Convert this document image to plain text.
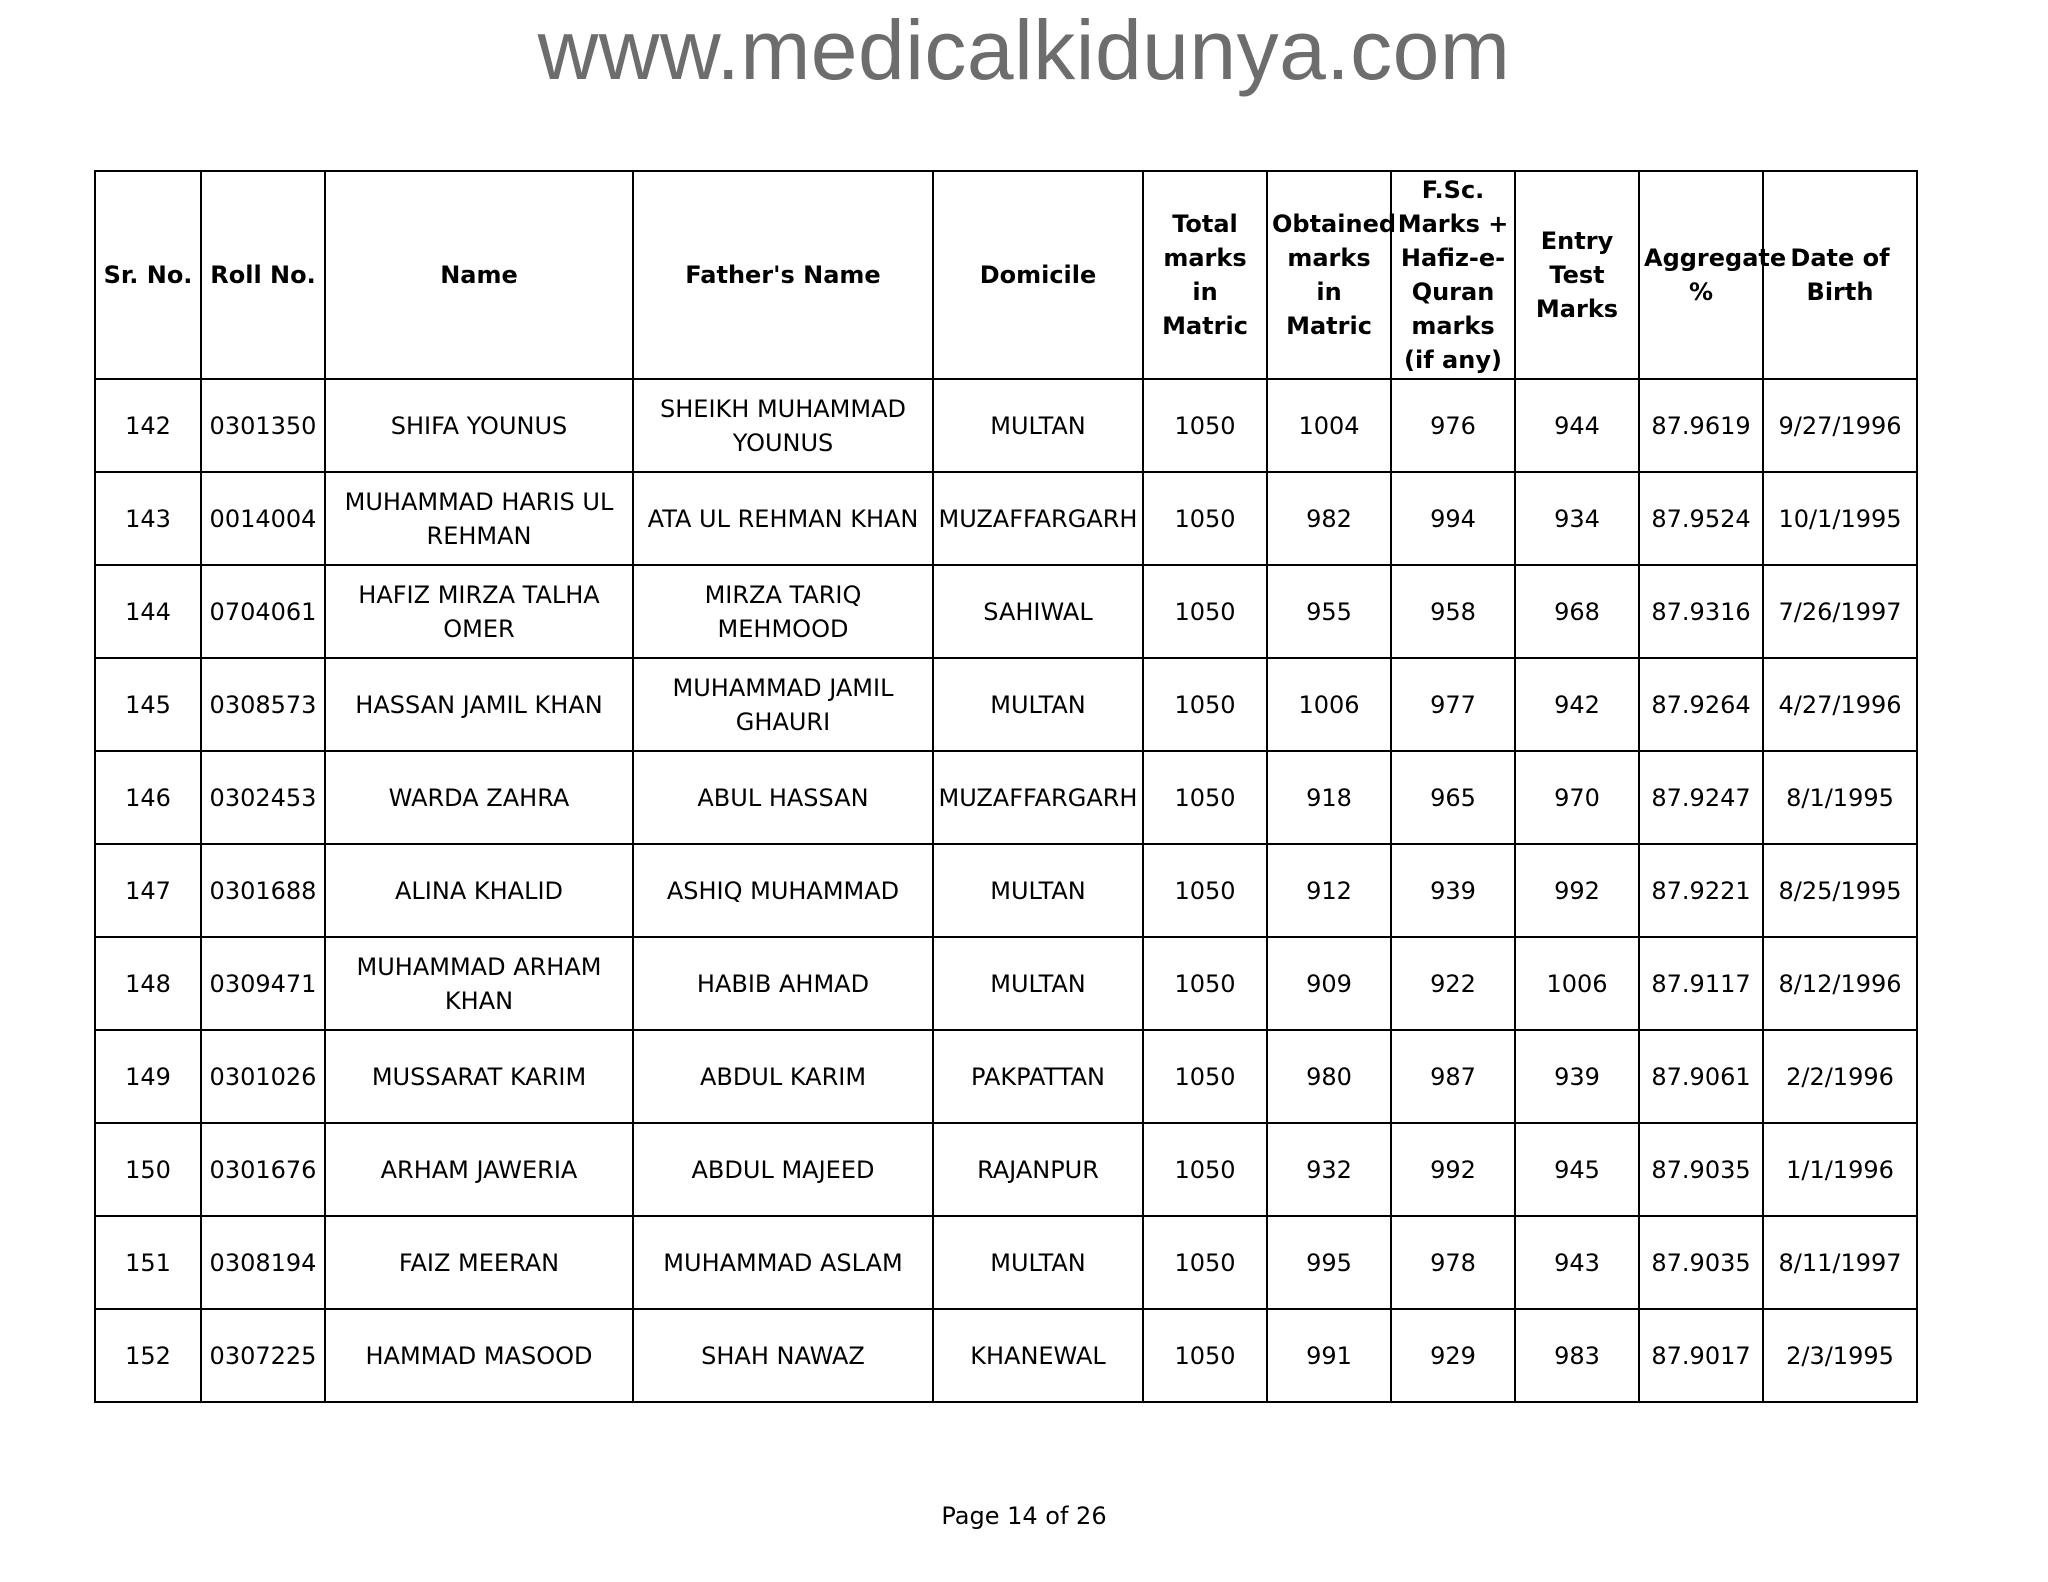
www.medicalkidunya.com
Sr. No.	Roll No.	Name	Father's Name	Domicile	Total marks in Matric	Obtained marks in Matric	F.Sc. Marks + Hafiz-e-Quran marks (if any)	Entry Test Marks	Aggregate %	Date of Birth
142	0301350	SHIFA YOUNUS	SHEIKH MUHAMMAD YOUNUS	MULTAN	1050	1004	976	944	87.9619	9/27/1996
143	0014004	MUHAMMAD HARIS UL REHMAN	ATA UL REHMAN KHAN	MUZAFFARGARH	1050	982	994	934	87.9524	10/1/1995
144	0704061	HAFIZ MIRZA TALHA OMER	MIRZA TARIQ MEHMOOD	SAHIWAL	1050	955	958	968	87.9316	7/26/1997
145	0308573	HASSAN JAMIL KHAN	MUHAMMAD JAMIL GHAURI	MULTAN	1050	1006	977	942	87.9264	4/27/1996
146	0302453	WARDA ZAHRA	ABUL HASSAN	MUZAFFARGARH	1050	918	965	970	87.9247	8/1/1995
147	0301688	ALINA KHALID	ASHIQ MUHAMMAD	MULTAN	1050	912	939	992	87.9221	8/25/1995
148	0309471	MUHAMMAD ARHAM KHAN	HABIB AHMAD	MULTAN	1050	909	922	1006	87.9117	8/12/1996
149	0301026	MUSSARAT KARIM	ABDUL KARIM	PAKPATTAN	1050	980	987	939	87.9061	2/2/1996
150	0301676	ARHAM JAWERIA	ABDUL MAJEED	RAJANPUR	1050	932	992	945	87.9035	1/1/1996
151	0308194	FAIZ MEERAN	MUHAMMAD ASLAM	MULTAN	1050	995	978	943	87.9035	8/11/1997
152	0307225	HAMMAD MASOOD	SHAH NAWAZ	KHANEWAL	1050	991	929	983	87.9017	2/3/1995
Page 14 of 26
